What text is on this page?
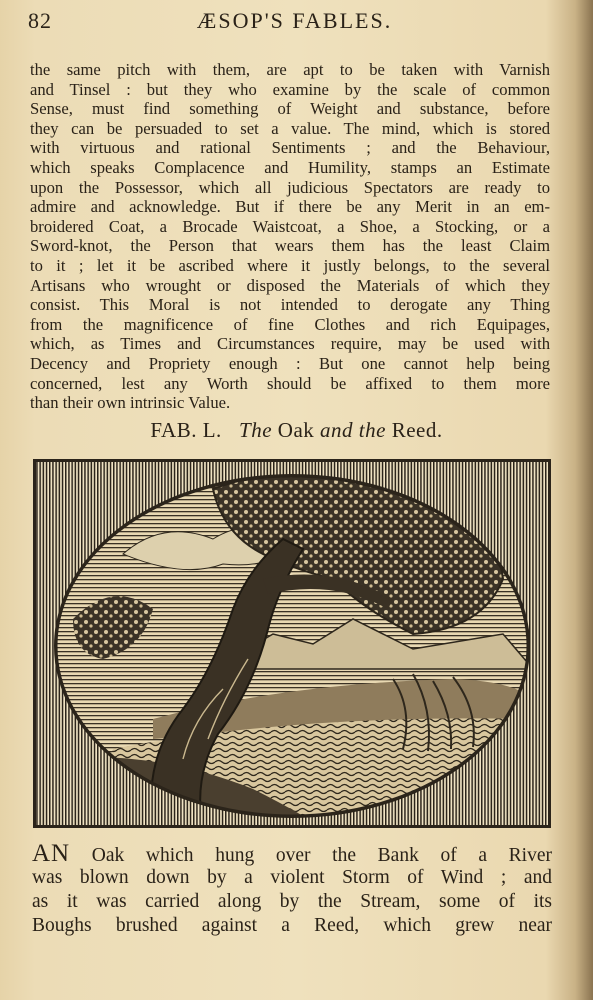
82	ÆSOP'S FABLES.
the same pitch with them, are apt to be taken with Varnish
and Tinsel : but they who examine by the scale of common
Sense, must find something of Weight and substance, before
they can be persuaded to set a value. The mind, which is stored
with virtuous and rational Sentiments ; and the Behaviour,
which speaks Complacence and Humility, stamps an Estimate
upon the Possessor, which all judicious Spectators are ready to
admire and acknowledge. But if there be any Merit in an em-
broidered Coat, a Brocade Waistcoat, a Shoe, a Stocking, or a
Sword-knot, the Person that wears them has the least Claim
to it ; let it be ascribed where it justly belongs, to the several
Artisans who wrought or disposed the Materials of which they
consist. This Moral is not intended to derogate any Thing
from the magnificence of fine Clothes and rich Equipages,
which, as Times and Circumstances require, may be used with
Decency and Propriety enough : But one cannot help being
concerned, lest any Worth should be affixed to them more
than their own intrinsic Value.
FAB. L. The Oak and the Reed.
AN Oak which hung over the Bank of a River
was blown down by a violent Storm of Wind ; and
as it was carried along by the Stream, some of its
Boughs brushed against a Reed, which grew near
